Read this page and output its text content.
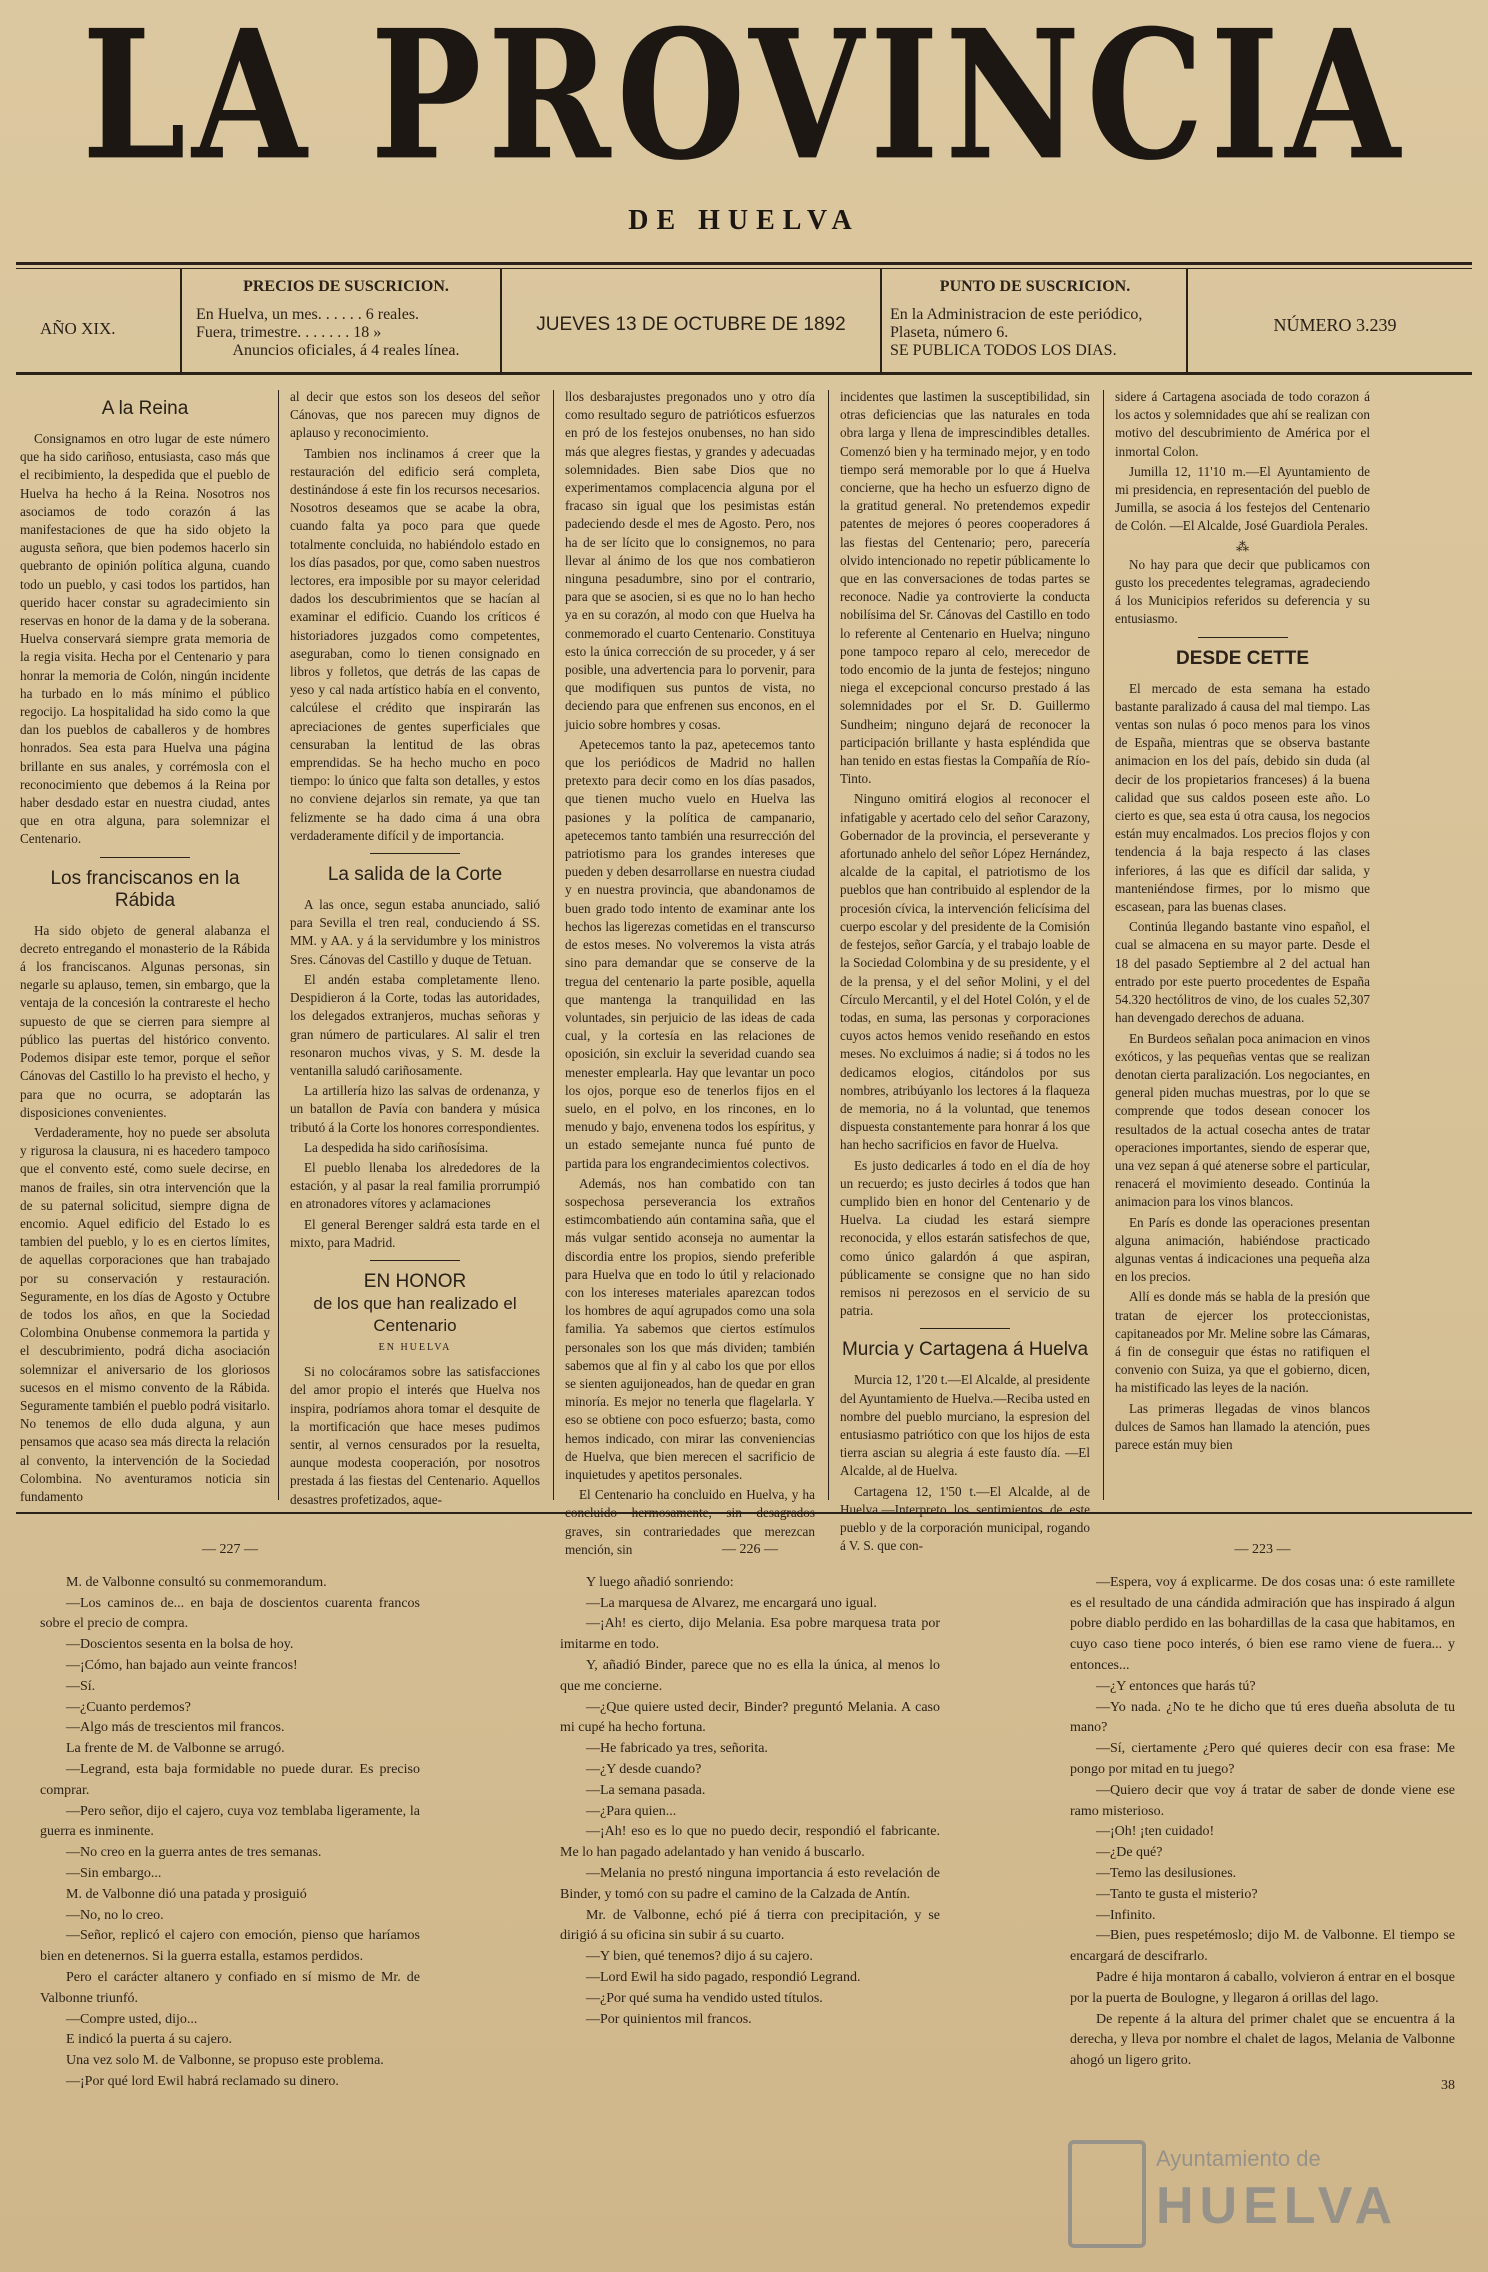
LA PROVINCIA
DE HUELVA
AÑO XIX.
PRECIOS DE SUSCRICION.
En Huelva, un mes. . . . . . 6 reales.
Fuera, trimestre. . . . . . . 18 »
Anuncios oficiales, á 4 reales línea.
JUEVES 13 DE OCTUBRE DE 1892
PUNTO DE SUSCRICION.
En la Administracion de este periódico,
Plaseta, número 6.
SE PUBLICA TODOS LOS DIAS.
NÚMERO 3.239
A la Reina

Consignamos en otro lugar de este número que ha sido cariñoso, entusiasta, caso más que el recibimiento, la despedida que el pueblo de Huelva ha hecho á la Reina. Nosotros nos asociamos de todo corazón á las manifestaciones de que ha sido objeto la augusta señora, que bien podemos hacerlo sin quebranto de opinión política alguna, cuando todo un pueblo, y casi todos los partidos, han querido hacer constar su agradecimiento sin reservas en honor de la dama y de la soberana. Huelva conservará siempre grata memoria de la regia visita. Hecha por el Centenario y para honrar la memoria de Colón, ningún incidente ha turbado en lo más mínimo el público regocijo. La hospitalidad ha sido como la que dan los pueblos de caballeros y de hombres honrados. Sea esta para Huelva una página brillante en sus anales, y corrémosla con el reconocimiento que debemos á la Reina por haber desdado estar en nuestra ciudad, antes que en otra alguna, para solemnizar el Centenario.

Los franciscanos en la Rábida

Ha sido objeto de general alabanza el decreto entregando el monasterio de la Rábida á los franciscanos. Algunas personas, sin negarle su aplauso, temen, sin embargo, que la ventaja de la concesión la contrareste el hecho supuesto de que se cierren para siempre al público las puertas del histórico convento. Podemos disipar este temor, porque el señor Cánovas del Castillo lo ha previsto el hecho, y para que no ocurra, se adoptarán las disposiciones convenientes.

Verdaderamente, hoy no puede ser absoluta y rigurosa la clausura, ni es hacedero tampoco que el convento esté, como suele decirse, en manos de frailes, sin otra intervención que la de su paternal solicitud, siempre digna de encomio. Aquel edificio del Estado lo es tambien del pueblo, y lo es en ciertos límites, de aquellas corporaciones que han trabajado por su conservación y restauración. Seguramente, en los días de Agosto y Octubre de todos los años, en que la Sociedad Colombina Onubense conmemora la partida y el descubrimiento, podrá dicha asociación solemnizar el aniversario de los gloriosos sucesos en el mismo convento de la Rábida. Seguramente también el pueblo podrá visitarlo. No tenemos de ello duda alguna, y aun pensamos que acaso sea más directa la relación al convento, la intervención de la Sociedad Colombina. No aventuramos noticia sin fundamento

al decir que estos son los deseos del señor Cánovas, que nos parecen muy dignos de aplauso y reconocimiento.

Tambien nos inclinamos á creer que la restauración del edificio será completa, destinándose á este fin los recursos necesarios. Nosotros deseamos que se acabe la obra, cuando falta ya poco para que quede totalmente concluida, no habiéndolo estado en los días pasados, por que, como saben nuestros lectores, era imposible por su mayor celeridad dados los descubrimientos que se hacían al examinar el edificio. Cuando los críticos é historiadores juzgados como competentes, aseguraban, como lo tienen consignado en libros y folletos, que detrás de las capas de yeso y cal nada artístico había en el convento, calcúlese el crédito que inspirarán las apreciaciones de gentes superficiales que censuraban la lentitud de las obras emprendidas. Se ha hecho mucho en poco tiempo: lo único que falta son detalles, y estos no conviene dejarlos sin remate, ya que tan felizmente se ha dado cima á una obra verdaderamente difícil y de importancia.

La salida de la Corte

A las once, segun estaba anunciado, salió para Sevilla el tren real, conduciendo á SS. MM. y AA. y á la servidumbre y los ministros Sres. Cánovas del Castillo y duque de Tetuan.

El andén estaba completamente lleno. Despidieron á la Corte, todas las autoridades, los delegados extranjeros, muchas señoras y gran número de particulares. Al salir el tren resonaron muchos vivas, y S. M. desde la ventanilla saludó cariñosamente.

La artillería hizo las salvas de ordenanza, y un batallon de Pavía con bandera y música tributó á la Corte los honores correspondientes.

La despedida ha sido cariñosísima.

El pueblo llenaba los alrededores de la estación, y al pasar la real familia prorrumpió en atronadores vítores y aclamaciones

El general Berenger saldrá esta tarde en el mixto, para Madrid.

EN HONOR
de los que han realizado el Centenario
EN HUELVA

Si no colocáramos sobre las satisfacciones del amor propio el interés que Huelva nos inspira, podríamos ahora tomar el desquite de la mortificación que hace meses pudimos sentir, al vernos censurados por la resuelta, aunque modesta cooperación, por nosotros prestada á las fiestas del Centenario. Aquellos desastres profetizados, aque-

llos desbarajustes pregonados uno y otro día como resultado seguro de patrióticos esfuerzos en pró de los festejos onubenses, no han sido más que alegres fiestas, y grandes y adecuadas solemnidades. Bien sabe Dios que no experimentamos complacencia alguna por el fracaso sin igual que los pesimistas están padeciendo desde el mes de Agosto. Pero, nos ha de ser lícito que lo consignemos, no para llevar al ánimo de los que nos combatieron ninguna pesadumbre, sino por el contrario, para que se asocien, si es que no lo han hecho ya en su corazón, al modo con que Huelva ha conmemorado el cuarto Centenario. Constituya esto la única corrección de su proceder, y á ser posible, una advertencia para lo porvenir, para que modifiquen sus puntos de vista, no deciendo para que enfrenen sus enconos, en el juicio sobre hombres y cosas.

Apetecemos tanto la paz, apetecemos tanto que los periódicos de Madrid no hallen pretexto para decir como en los días pasados, que tienen mucho vuelo en Huelva las pasiones y la política de campanario, apetecemos tanto también una resurrección del patriotismo para los grandes intereses que pueden y deben desarrollarse en nuestra ciudad y en nuestra provincia, que abandonamos de buen grado todo intento de examinar ante los hechos las ligerezas cometidas en el transcurso de estos meses. No volveremos la vista atrás sino para demandar que se conserve de la tregua del centenario la parte posible, aquella que mantenga la tranquilidad en las voluntades, sin perjuicio de las ideas de cada cual, y la cortesía en las relaciones de oposición, sin excluir la severidad cuando sea menester emplearla. Hay que levantar un poco los ojos, porque eso de tenerlos fijos en el suelo, en el polvo, en los rincones, en lo menudo y bajo, envenena todos los espíritus, y un estado semejante nunca fué punto de partida para los engrandecimientos colectivos.

Además, nos han combatido con tan sospechosa perseverancia los extraños estimcombatiendo aún contamina saña, que el más vulgar sentido aconseja no aumentar la discordia entre los propios, siendo preferible para Huelva que en todo lo útil y relacionado con los intereses materiales aparezcan todos los hombres de aquí agrupados como una sola familia. Ya sabemos que ciertos estímulos personales son los que más dividen; también sabemos que al fin y al cabo los que por ellos se sienten aguijoneados, han de quedar en gran minoría. Es mejor no tenerla que flagelarla. Y eso se obtiene con poco esfuerzo; basta, como hemos indicado, con mirar las conveniencias de Huelva, que bien merecen el sacrificio de inquietudes y apetitos personales.

El Centenario ha concluido en Huelva, y ha concluido hermosamente, sin desagrados graves, sin contrariedades que merezcan mención, sin

incidentes que lastimen la susceptibilidad, sin otras deficiencias que las naturales en toda obra larga y llena de imprescindibles detalles. Comenzó bien y ha terminado mejor, y en todo tiempo será memorable por lo que á Huelva concierne, que ha hecho un esfuerzo digno de la gratitud general. No pretendemos expedir patentes de mejores ó peores cooperadores á las fiestas del Centenario; pero, parecería olvido intencionado no repetir públicamente lo que en las conversaciones de todas partes se reconoce. Nadie ya controvierte la conducta nobilísima del Sr. Cánovas del Castillo en todo lo referente al Centenario en Huelva; ninguno pone tampoco reparo al celo, merecedor de todo encomio de la junta de festejos; ninguno niega el excepcional concurso prestado á las solemnidades por el Sr. D. Guillermo Sundheim; ninguno dejará de reconocer la participación brillante y hasta espléndida que han tenido en estas fiestas la Compañía de Río-Tinto.

Ninguno omitirá elogios al reconocer el infatigable y acertado celo del señor Carazony, Gobernador de la provincia, el perseverante y afortunado anhelo del señor López Hernández, alcalde de la capital, el patriotismo de los pueblos que han contribuido al esplendor de la procesión cívica, la intervención felicísima del cuerpo escolar y del presidente de la Comisión de festejos, señor García, y el trabajo loable de la Sociedad Colombina y de su presidente, y el de la prensa, y el del señor Molini, y el del Círculo Mercantil, y el del Hotel Colón, y el de todas, en suma, las personas y corporaciones cuyos actos hemos venido reseñando en estos meses. No excluimos á nadie; si á todos no les dedicamos elogios, citándolos por sus nombres, atribúyanlo los lectores á la flaqueza de memoria, no á la voluntad, que tenemos dispuesta constantemente para honrar á los que han hecho sacrificios en favor de Huelva.

Es justo dedicarles á todo en el día de hoy un recuerdo; es justo decirles á todos que han cumplido bien en honor del Centenario y de Huelva. La ciudad les estará siempre reconocida, y ellos estarán satisfechos de que, como único galardón á que aspiran, públicamente se consigne que no han sido remisos ni perezosos en el servicio de su patria.

Murcia y Cartagena á Huelva

Murcia 12, 1'20 t.—El Alcalde, al presidente del Ayuntamiento de Huelva.—Reciba usted en nombre del pueblo murciano, la espresion del entusiasmo patriótico con que los hijos de esta tierra ascian su alegria á este fausto día. —El Alcalde, al de Huelva.

Cartagena 12, 1'50 t.—El Alcalde, al de Huelva.—Interpreto los sentimientos de este pueblo y de la corporación municipal, rogando á V. S. que con-

sidere á Cartagena asociada de todo corazon á los actos y solemnidades que ahí se realizan con motivo del descubrimiento de América por el inmortal Colon.

Jumilla 12, 11'10 m.—El Ayuntamiento de mi presidencia, en representación del pueblo de Jumilla, se asocia á los festejos del Centenario de Colón. —El Alcalde, José Guardiola Perales.

⁂

No hay para que decir que publicamos con gusto los precedentes telegramas, agradeciendo á los Municipios referidos su deferencia y su entusiasmo.

DESDE CETTE

El mercado de esta semana ha estado bastante paralizado á causa del mal tiempo. Las ventas son nulas ó poco menos para los vinos de España, mientras que se observa bastante animacion en los del país, debido sin duda (al decir de los propietarios franceses) á la buena calidad que sus caldos poseen este año. Lo cierto es que, sea esta ú otra causa, los negocios están muy encalmados. Los precios flojos y con tendencia á la baja respecto á las clases inferiores, á las que es difícil dar salida, y manteniéndose firmes, por lo mismo que escasean, para las buenas clases.

Continúa llegando bastante vino español, el cual se almacena en su mayor parte. Desde el 18 del pasado Septiembre al 2 del actual han entrado por este puerto procedentes de España 54.320 hectólitros de vino, de los cuales 52,307 han devengado derechos de aduana.

En Burdeos señalan poca animacion en vinos exóticos, y las pequeñas ventas que se realizan denotan cierta paralización. Los negociantes, en general piden muchas muestras, por lo que se comprende que todos desean conocer los resultados de la actual cosecha antes de tratar operaciones importantes, siendo de esperar que, una vez sepan á qué atenerse sobre el particular, renacerá el movimiento deseado. Continúa la animacion para los vinos blancos.

En París es donde las operaciones presentan alguna animación, habiéndose practicado algunas ventas á indicaciones una pequeña alza en los precios.

Allí es donde más se habla de la presión que tratan de ejercer los proteccionistas, capitaneados por Mr. Meline sobre las Cámaras, á fin de conseguir que éstas no ratifiquen el convenio con Suiza, ya que el gobierno, dicen, ha mistificado las leyes de la nación.

Las primeras llegadas de vinos blancos dulces de Samos han llamado la atención, pues parece están muy bien

— 227 —

M. de Valbonne consultó su conmemorandum.

—Los caminos de... en baja de doscientos cuarenta francos sobre el precio de compra.

—Doscientos sesenta en la bolsa de hoy.

—¡Cómo, han bajado aun veinte francos!

—Sí.

—¿Cuanto perdemos?

—Algo más de trescientos mil francos.

La frente de M. de Valbonne se arrugó.

—Legrand, esta baja formidable no puede durar. Es preciso comprar.

—Pero señor, dijo el cajero, cuya voz temblaba ligeramente, la guerra es inminente.

—No creo en la guerra antes de tres semanas.

—Sin embargo...

M. de Valbonne dió una patada y prosiguió

—No, no lo creo.

—Señor, replicó el cajero con emoción, pienso que haríamos bien en detenernos. Si la guerra estalla, estamos perdidos.

Pero el carácter altanero y confiado en sí mismo de Mr. de Valbonne triunfó.

—Compre usted, dijo...

E indicó la puerta á su cajero.

Una vez solo M. de Valbonne, se propuso este problema.

—¡Por qué lord Ewil habrá reclamado su dinero.

— 226 —

Y luego añadió sonriendo:

—La marquesa de Alvarez, me encargará uno igual.

—¡Ah! es cierto, dijo Melania. Esa pobre marquesa trata por imitarme en todo.

Y, añadió Binder, parece que no es ella la única, al menos lo que me concierne.

—¿Que quiere usted decir, Binder? preguntó Melania. A caso mi cupé ha hecho fortuna.

—He fabricado ya tres, señorita.

—¿Y desde cuando?

—La semana pasada.

—¿Para quien...

—¡Ah! eso es lo que no puedo decir, respondió el fabricante. Me lo han pagado adelantado y han venido á buscarlo.

—Melania no prestó ninguna importancia á esto revelación de Binder, y tomó con su padre el camino de la Calzada de Antín.

Mr. de Valbonne, echó pié á tierra con precipitación, y se dirigió á su oficina sin subir á su cuarto.

—Y bien, qué tenemos? dijo á su cajero.

—Lord Ewil ha sido pagado, respondió Legrand.

—¿Por qué suma ha vendido usted títulos.

—Por quinientos mil francos.

— 223 —

—Espera, voy á explicarme. De dos cosas una: ó este ramillete es el resultado de una cándida admiración que has inspirado á algun pobre diablo perdido en las bohardillas de la casa que habitamos, en cuyo caso tiene poco interés, ó bien ese ramo viene de fuera... y entonces...

—¿Y entonces que harás tú?

—Yo nada. ¿No te he dicho que tú eres dueña absoluta de tu mano?

—Sí, ciertamente ¿Pero qué quieres decir con esa frase: Me pongo por mitad en tu juego?

—Quiero decir que voy á tratar de saber de donde viene ese ramo misterioso.

—¡Oh! ¡ten cuidado!

—¿De qué?

—Temo las desilusiones.

—Tanto te gusta el misterio?

—Infinito.

—Bien, pues respetémoslo; dijo M. de Valbonne. El tiempo se encargará de descifrarlo.

Padre é hija montaron á caballo, volvieron á entrar en el bosque por la puerta de Boulogne, y llegaron á orillas del lago.

De repente á la altura del primer chalet que se encuentra á la derecha, y lleva por nombre el chalet de lagos, Melania de Valbonne ahogó un ligero grito.

38
Ayuntamiento de
HUELVA
